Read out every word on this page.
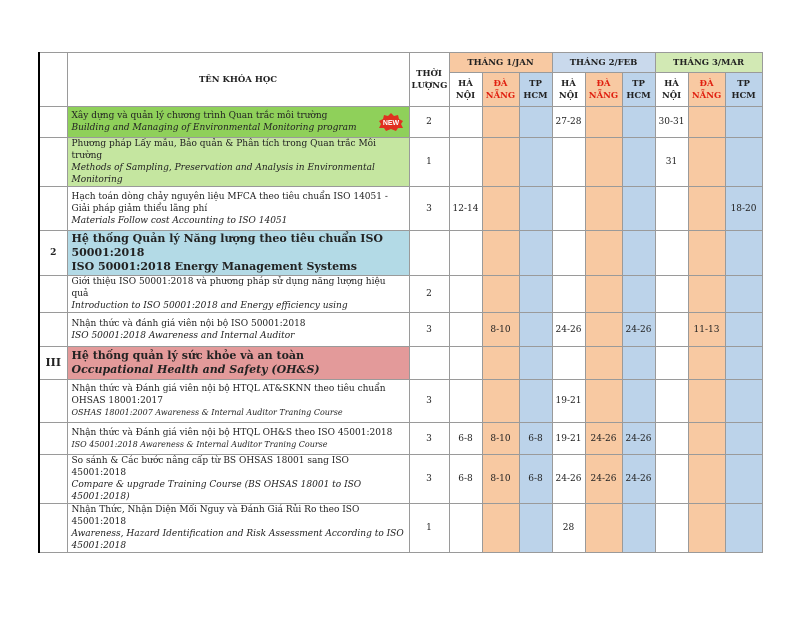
	TÊN KHÓA HỌC	THỜI LƯỢNG	THÁNG 1/JAN			THÁNG 2/FEB			THÁNG 3/MAR		
			HÀ NỘI	ĐÀ NẴNG	TP HCM	HÀ NỘI	ĐÀ NẴNG	TP HCM	HÀ NỘI	ĐÀ NẴNG	TP HCM

	Xây dựng và quản lý chương trình Quan trắc môi trường
Building and Managing of Environmental Monitoring program NEW	2				27-28			30-31		

	Phương pháp Lấy mẫu, Bảo quản & Phân tích trong Quan trắc Môi trường
Methods of Sampling, Preservation and Analysis in Environmental Monitoring	1							31		

	Hạch toán dòng chảy nguyên liệu MFCA theo tiêu chuẩn ISO 14051 - Giải pháp giảm thiểu lãng phí
Materials Follow cost Accounting to ISO 14051	3	12-14								18-20
2	Hệ thống Quản lý Năng lượng theo tiêu chuẩn ISO 50001:2018
ISO 50001:2018 Energy Management Systems										

	Giới thiệu ISO 50001:2018 và phương pháp sử dụng năng lượng hiệu quả
Introduction to ISO 50001:2018 and Energy efficiency using	2									

	Nhận thức và đánh giá viên nội bộ ISO 50001:2018
ISO 50001:2018 Awareness and Internal Auditor	3		8-10		24-26		24-26		11-13	
III	Hệ thống quản lý sức khỏe và an toàn
Occupational Health and Safety (OH&S)										

	Nhận thức và Đánh giá viên nội bộ HTQL AT&SKNN theo tiêu chuẩn OHSAS 18001:2017
OSHAS 18001:2007 Awareness & Internal Auditor Traning Course	3				19-21					

	Nhận thức và Đánh giá viên nội bộ HTQL OH&S theo ISO 45001:2018
ISO 45001:2018 Awareness & Internal Auditor Traning Course
NEW	3	6-8	8-10	6-8	19-21	24-26	24-26			

	So sánh & Các bước nâng cấp từ BS OHSAS 18001 sang ISO 45001:2018
Compare & upgrade Training Course (BS OHSAS 18001 to ISO 45001:2018)	3	6-8	8-10	6-8	24-26	24-26	24-26			

	Nhận Thức, Nhận Diện Mối Nguy và Đánh Giá Rủi Ro theo ISO 45001:2018
Awareness, Hazard Identification and Risk Assessment According to ISO 45001:2018	1				28					
